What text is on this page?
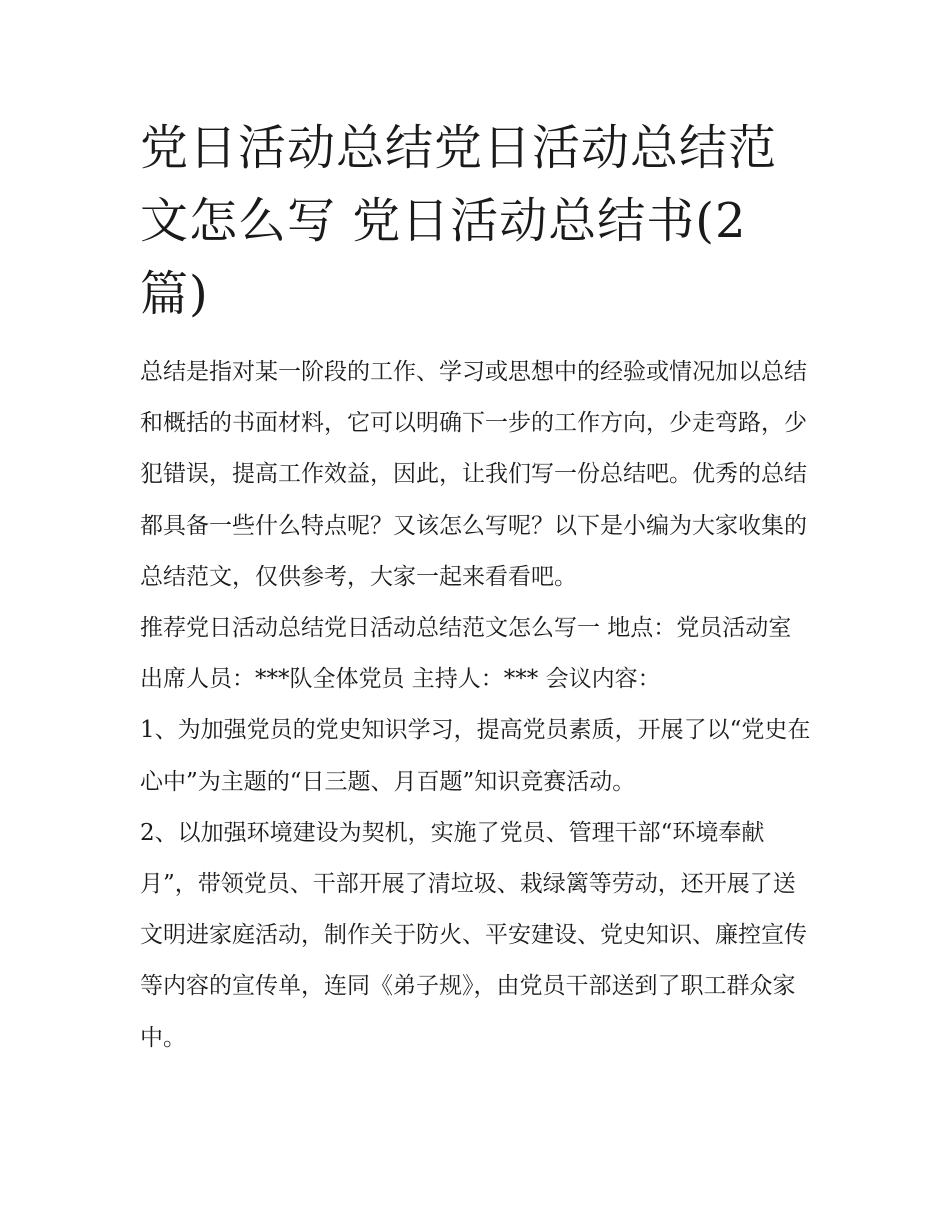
党日活动总结党日活动总结范文怎么写 党日活动总结书(2篇)

总结是指对某一阶段的工作、学习或思想中的经验或情况加以总结和概括的书面材料，它可以明确下一步的工作方向，少走弯路，少犯错误，提高工作效益，因此，让我们写一份总结吧。优秀的总结都具备一些什么特点呢？又该怎么写呢？以下是小编为大家收集的总结范文，仅供参考，大家一起来看看吧。

推荐党日活动总结党日活动总结范文怎么写一 地点：党员活动室 出席人员：***队全体党员 主持人：*** 会议内容：

1、为加强党员的党史知识学习，提高党员素质，开展了以“党史在心中”为主题的“日三题、月百题”知识竞赛活动。

2、以加强环境建设为契机，实施了党员、管理干部“环境奉献月”，带领党员、干部开展了清垃圾、栽绿篱等劳动，还开展了送文明进家庭活动，制作关于防火、平安建设、党史知识、廉控宣传等内容的宣传单，连同《弟子规》，由党员干部送到了职工群众家中。
